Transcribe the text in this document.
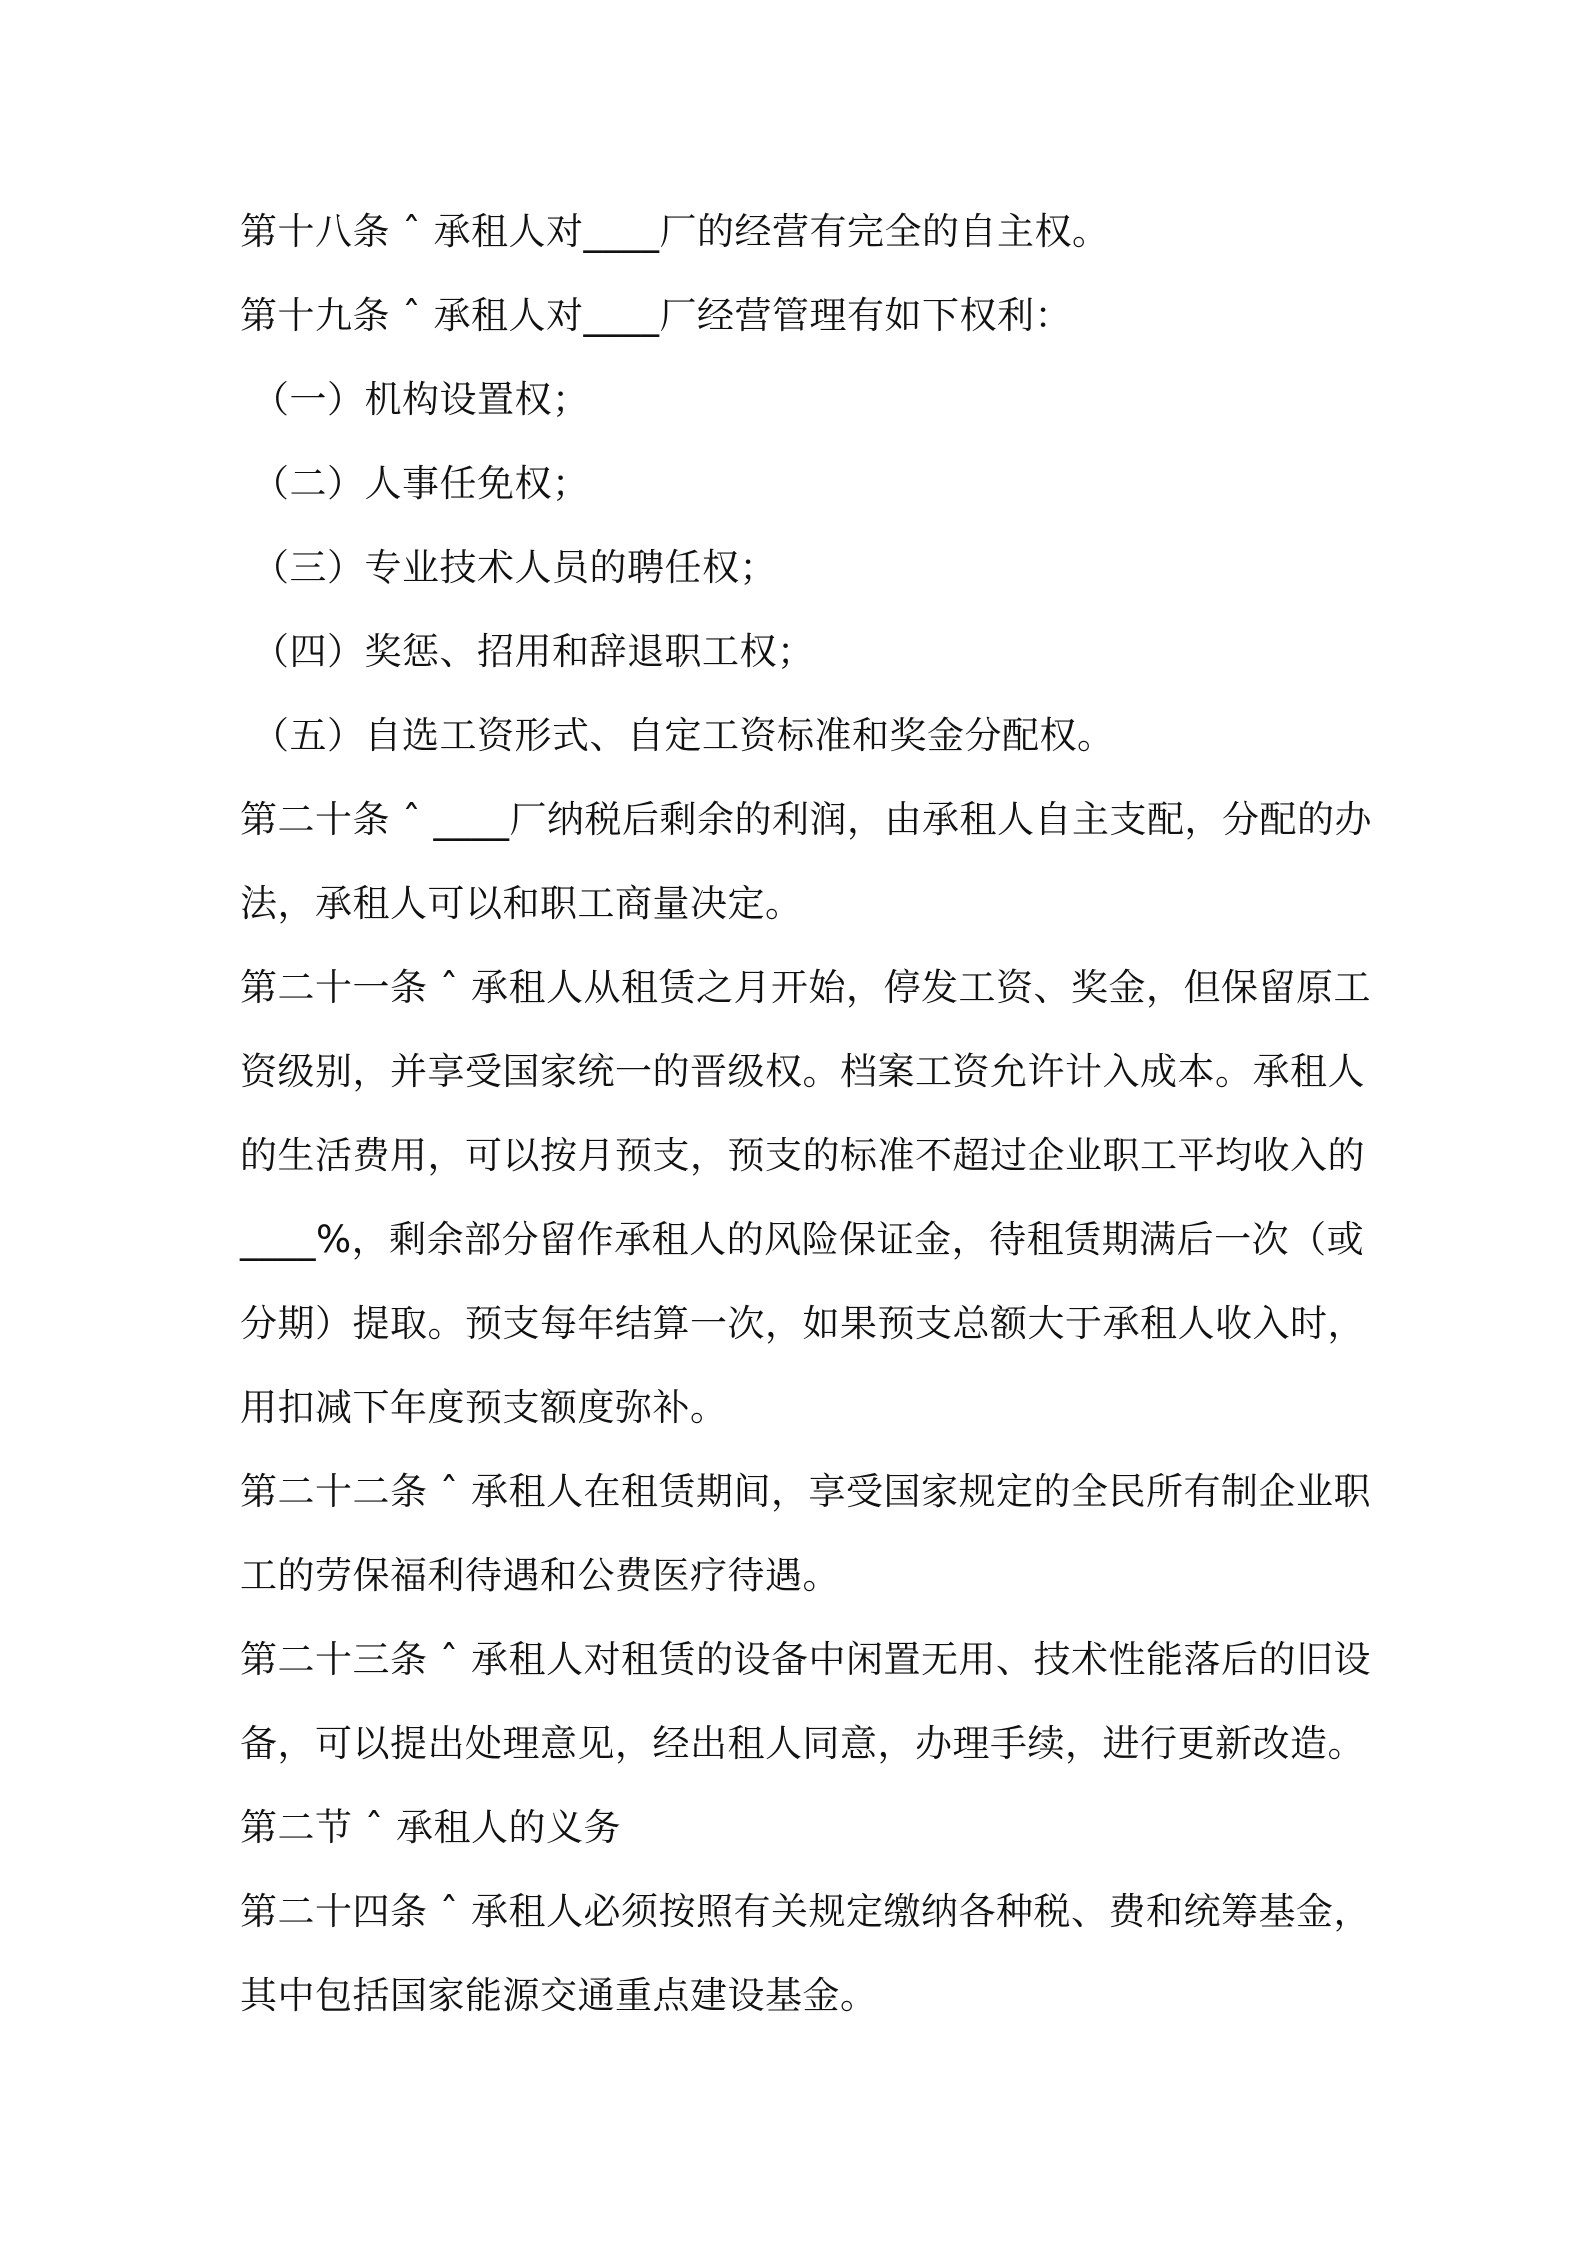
第十八条 ˆ 承租人对____厂的经营有完全的自主权。
第十九条 ˆ 承租人对____厂经营管理有如下权利：
（一）机构设置权；
（二）人事任免权；
（三）专业技术人员的聘任权；
（四）奖惩、招用和辞退职工权；
（五）自选工资形式、自定工资标准和奖金分配权。
第二十条 ˆ ____厂纳税后剩余的利润，由承租人自主支配，分配的办
法，承租人可以和职工商量决定。
第二十一条 ˆ 承租人从租赁之月开始，停发工资、奖金，但保留原工
资级别，并享受国家统一的晋级权。档案工资允许计入成本。承租人
的生活费用，可以按月预支，预支的标准不超过企业职工平均收入的
____%，剩余部分留作承租人的风险保证金，待租赁期满后一次（或
分期）提取。预支每年结算一次，如果预支总额大于承租人收入时，
用扣减下年度预支额度弥补。
第二十二条 ˆ 承租人在租赁期间，享受国家规定的全民所有制企业职
工的劳保福利待遇和公费医疗待遇。
第二十三条 ˆ 承租人对租赁的设备中闲置无用、技术性能落后的旧设
备，可以提出处理意见，经出租人同意，办理手续，进行更新改造。
第二节 ˆ 承租人的义务
第二十四条 ˆ 承租人必须按照有关规定缴纳各种税、费和统筹基金，
其中包括国家能源交通重点建设基金。
